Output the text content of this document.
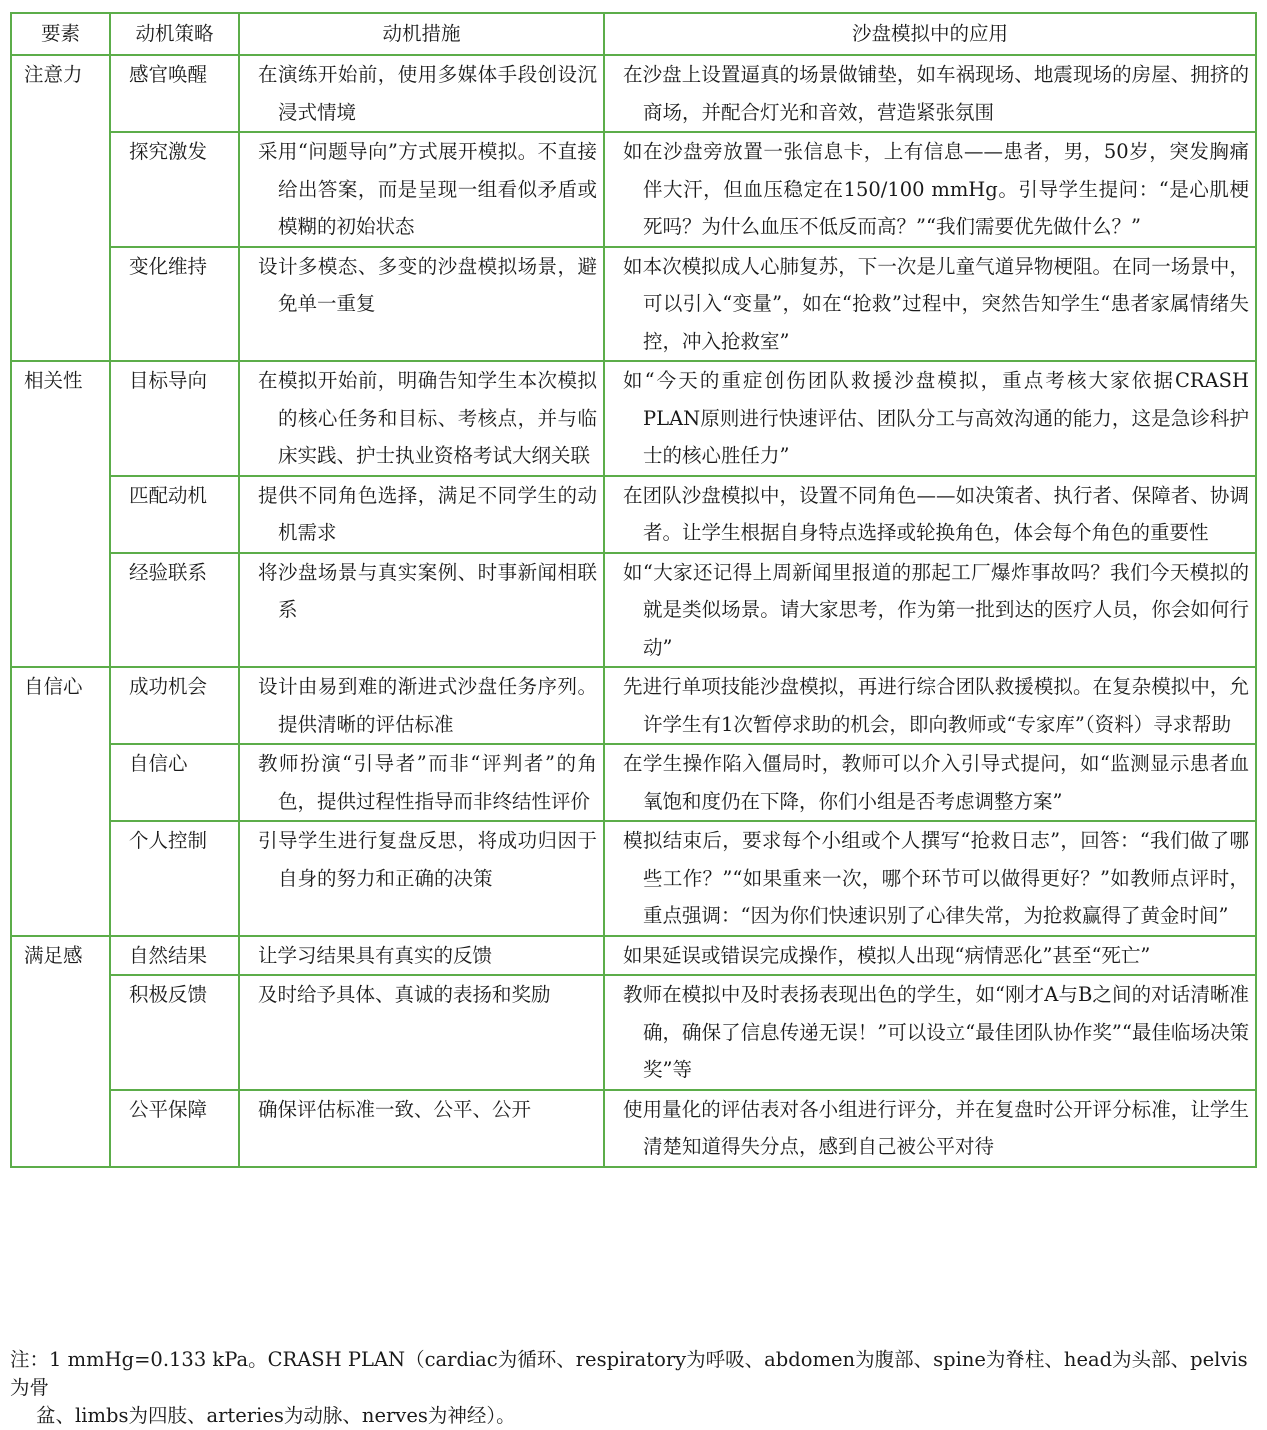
要素	动机策略	动机措施	沙盘模拟中的应用
注意力	感官唤醒	在演练开始前，使用多媒体手段创设沉浸式情境	在沙盘上设置逼真的场景做铺垫，如车祸现场、地震现场的房屋、拥挤的商场，并配合灯光和音效，营造紧张氛围

	探究激发	采用“问题导向”方式展开模拟。不直接给出答案，而是呈现一组看似矛盾或模糊的初始状态	如在沙盘旁放置一张信息卡，上有信息——患者，男，50岁，突发胸痛伴大汗，但血压稳定在150/100 mmHg。引导学生提问：“是心肌梗死吗？为什么血压不低反而高？”“我们需要优先做什么？”

	变化维持	设计多模态、多变的沙盘模拟场景，避免单一重复	如本次模拟成人心肺复苏，下一次是儿童气道异物梗阻。在同一场景中，可以引入“变量”，如在“抢救”过程中，突然告知学生“患者家属情绪失控，冲入抢救室”

相关性	目标导向	在模拟开始前，明确告知学生本次模拟的核心任务和目标、考核点，并与临床实践、护士执业资格考试大纲关联	如“今天的重症创伤团队救援沙盘模拟，重点考核大家依据CRASH PLAN原则进行快速评估、团队分工与高效沟通的能力，这是急诊科护士的核心胜任力”

	匹配动机	提供不同角色选择，满足不同学生的动机需求	在团队沙盘模拟中，设置不同角色——如决策者、执行者、保障者、协调者。让学生根据自身特点选择或轮换角色，体会每个角色的重要性

	经验联系	将沙盘场景与真实案例、时事新闻相联系	如“大家还记得上周新闻里报道的那起工厂爆炸事故吗？我们今天模拟的就是类似场景。请大家思考，作为第一批到达的医疗人员，你会如何行动”

自信心	成功机会	设计由易到难的渐进式沙盘任务序列。提供清晰的评估标准	先进行单项技能沙盘模拟，再进行综合团队救援模拟。在复杂模拟中，允许学生有1次暂停求助的机会，即向教师或“专家库”（资料）寻求帮助

	自信心	教师扮演“引导者”而非“评判者”的角色，提供过程性指导而非终结性评价	在学生操作陷入僵局时，教师可以介入引导式提问，如“监测显示患者血氧饱和度仍在下降，你们小组是否考虑调整方案”

	个人控制	引导学生进行复盘反思，将成功归因于自身的努力和正确的决策	模拟结束后，要求每个小组或个人撰写“抢救日志”，回答：“我们做了哪些工作？”“如果重来一次，哪个环节可以做得更好？”如教师点评时，重点强调：“因为你们快速识别了心律失常，为抢救赢得了黄金时间”

满足感	自然结果	让学习结果具有真实的反馈	如果延误或错误完成操作，模拟人出现“病情恶化”甚至“死亡”

	积极反馈	及时给予具体、真诚的表扬和奖励	教师在模拟中及时表扬表现出色的学生，如“刚才A与B之间的对话清晰准确，确保了信息传递无误！”可以设立“最佳团队协作奖”“最佳临场决策奖”等

	公平保障	确保评估标准一致、公平、公开	使用量化的评估表对各小组进行评分，并在复盘时公开评分标准，让学生清楚知道得失分点，感到自己被公平对待
注：1 mmHg=0.133 kPa。CRASH PLAN（cardiac为循环、respiratory为呼吸、abdomen为腹部、spine为脊柱、head为头部、pelvis为骨
盆、limbs为四肢、arteries为动脉、nerves为神经）。
